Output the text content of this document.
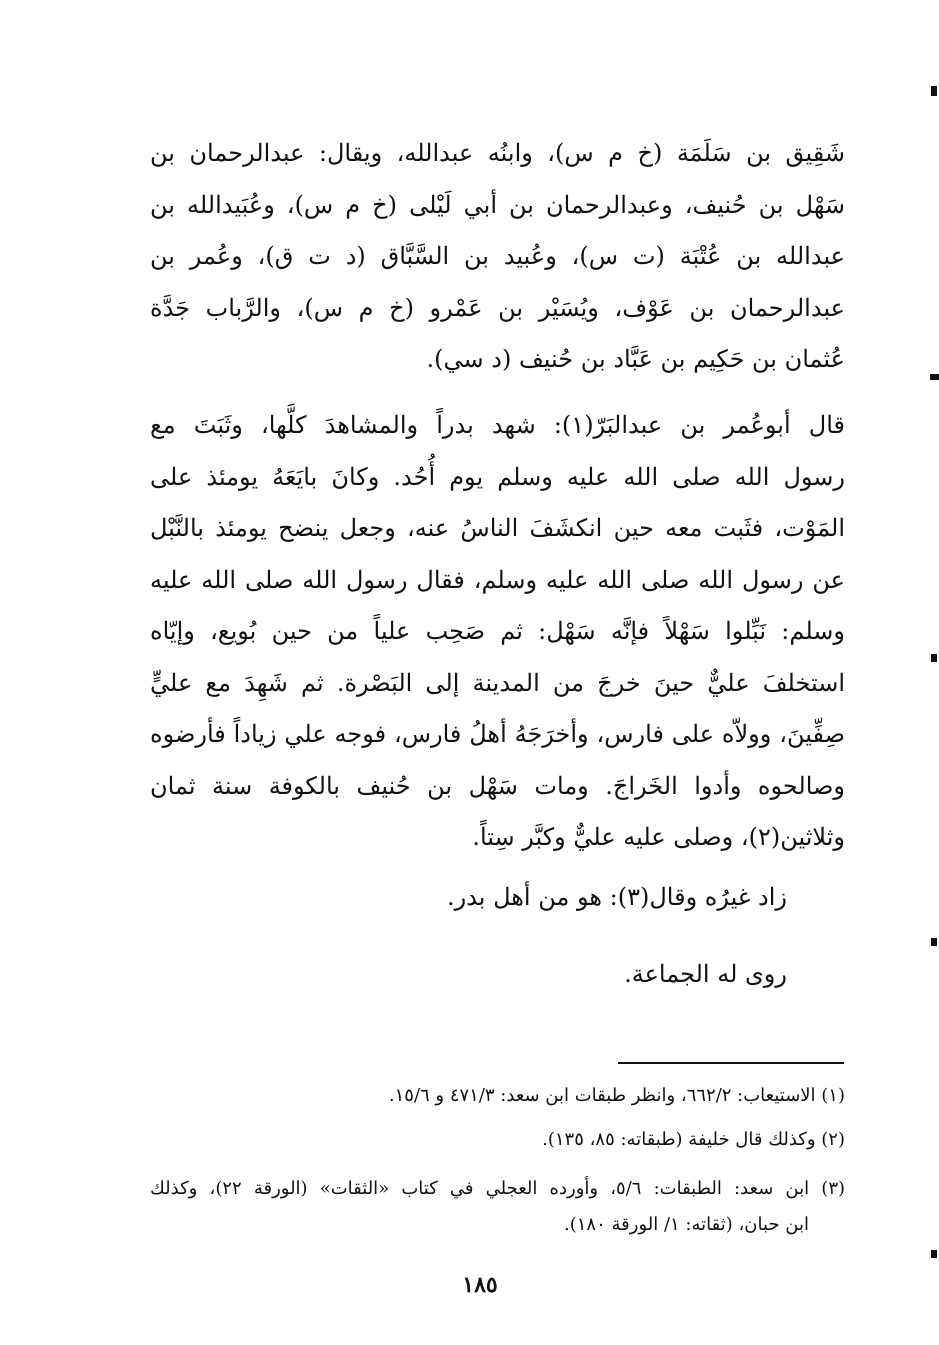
شَقِيق بن سَلَمَة (خ م س)، وابنُه عبدالله، ويقال: عبدالرحمان بن
سَهْل بن حُنيف، وعبدالرحمان بن أبي لَيْلى (خ م س)، وعُبَيدالله بن
عبدالله بن عُتْبَة (ت س)، وعُبيد بن السَّبَّاق (د ت ق)، وعُمر بن
عبدالرحمان بن عَوْف، ويُسَيْر بن عَمْرو (خ م س)، والرَّباب جَدَّة
عُثمان بن حَكِيم بن عَبَّاد بن حُنيف (د سي).
قال أبوعُمر بن عبدالبَرّ(١): شهد بدراً والمشاهدَ كلَّها، وثَبَتَ مع
رسول الله صلى الله عليه وسلم يوم أُحُد. وكانَ بايَعَهُ يومئذ على
المَوْت، فثَبت معه حين انكشَفَ الناسُ عنه، وجعل ينضح يومئذ بالنَّبْل
عن رسول الله صلى الله عليه وسلم، فقال رسول الله صلى الله عليه
وسلم: نَبِّلوا سَهْلاً فإنَّه سَهْل: ثم صَحِب علياً من حين بُويع، وإيّاه
استخلفَ عليٌّ حينَ خرجَ من المدينة إلى البَصْرة. ثم شَهِدَ مع عليٍّ
صِفِّينَ، وولاّه على فارس، وأخرَجَهُ أهلُ فارس، فوجه علي زياداً فأرضوه
وصالحوه وأدوا الخَراجَ. ومات سَهْل بن حُنيف بالكوفة سنة ثمان
وثلاثين(٢)، وصلى عليه عليٌّ وكبَّر سِتاً.
زاد غيرُه وقال(٣): هو من أهل بدر.
روى له الجماعة.
(١) الاستيعاب: ٦٦٢/٢، وانظر طبقات ابن سعد: ٤٧١/٣ و ١٥/٦.
(٢) وكذلك قال خليفة (طبقاته: ٨٥، ١٣٥).
(٣) ابن سعد: الطبقات: ٥/٦، وأورده العجلي في كتاب «الثقات» (الورقة ٢٢)، وكذلك
ابن حبان، (ثقاته: ١/ الورقة ١٨٠).
١٨٥
